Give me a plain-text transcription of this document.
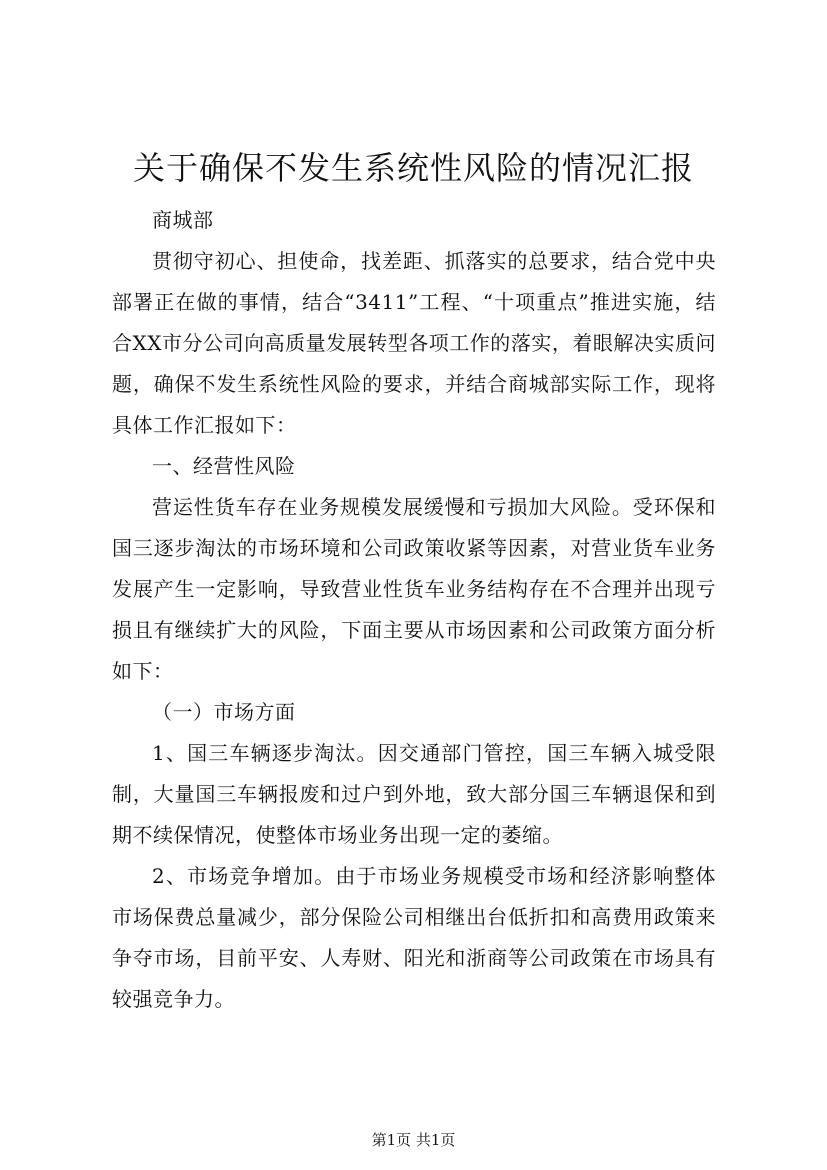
关于确保不发生系统性风险的情况汇报

商城部

贯彻守初心、担使命，找差距、抓落实的总要求，结合党中央部署正在做的事情，结合“3411”工程、“十项重点”推进实施，结合XX市分公司向高质量发展转型各项工作的落实，着眼解决实质问题，确保不发生系统性风险的要求，并结合商城部实际工作，现将具体工作汇报如下：

一、经营性风险

营运性货车存在业务规模发展缓慢和亏损加大风险。受环保和国三逐步淘汰的市场环境和公司政策收紧等因素，对营业货车业务发展产生一定影响，导致营业性货车业务结构存在不合理并出现亏损且有继续扩大的风险，下面主要从市场因素和公司政策方面分析如下：

（一）市场方面

1、国三车辆逐步淘汰。因交通部门管控，国三车辆入城受限制，大量国三车辆报废和过户到外地，致大部分国三车辆退保和到期不续保情况，使整体市场业务出现一定的萎缩。

2、市场竞争增加。由于市场业务规模受市场和经济影响整体市场保费总量减少，部分保险公司相继出台低折扣和高费用政策来争夺市场，目前平安、人寿财、阳光和浙商等公司政策在市场具有较强竞争力。

第1页 共1页
